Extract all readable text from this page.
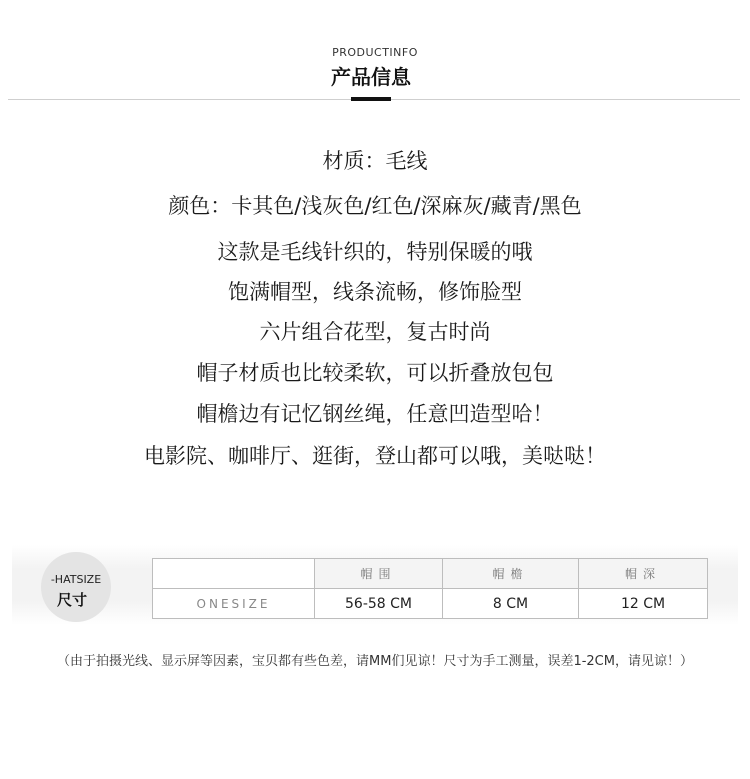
PRODUCTINFO
产品信息
材质：毛线
颜色：卡其色/浅灰色/红色/深麻灰/藏青/黑色
这款是毛线针织的，特别保暖的哦
饱满帽型，线条流畅，修饰脸型
六片组合花型，复古时尚
帽子材质也比较柔软，可以折叠放包包
帽檐边有记忆钢丝绳，任意凹造型哈！
电影院、咖啡厅、逛街，登山都可以哦，美哒哒！
-HATSIZE
尺寸
	帽围	帽檐	帽深
ONESIZE	56-58 CM	8 CM	12 CM
（由于拍摄光线、显示屏等因素，宝贝都有些色差，请MM们见谅！尺寸为手工测量，误差1-2CM，请见谅！）
